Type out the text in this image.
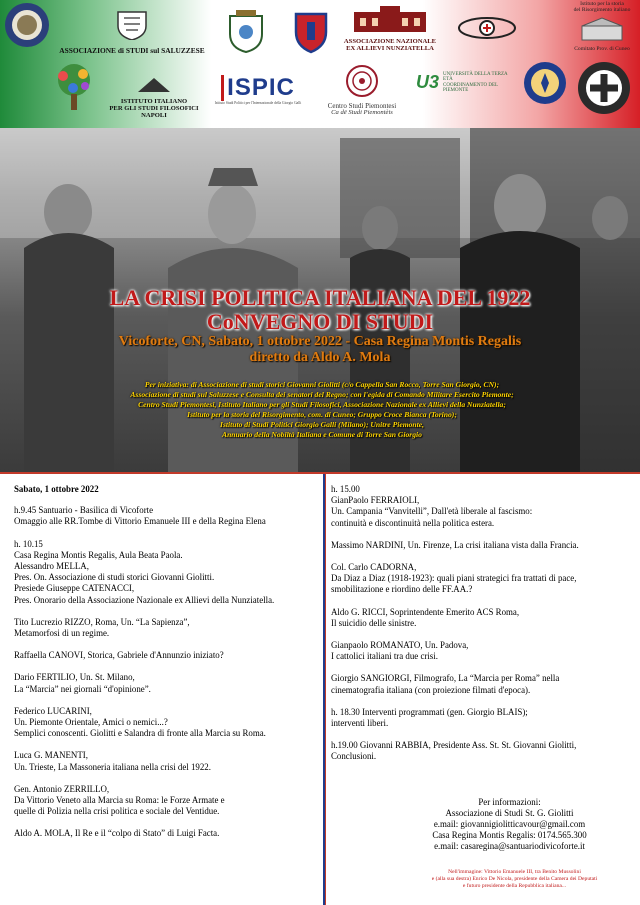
ASSOCIAZIONE di STUDI sul SALUZZESE
ASSOCIAZIONE NAZIONALE
EX ALLIEVI NUNZIATELLA
Istituto per la storia
del Risorgimento italiano
Comitato Prov. di Cuneo
ISTITUTO ITALIANO
PER GLI STUDI FILOSOFICI
NAPOLI
ISPIC
Istituto Studi Politici per l'Internazionale della Giorgio Galli	Centro Studi Piemontesi
Ca dë Studi Piemontèis
U3 UNIVERSITÀ DELLA TERZA ETÀ
COORDINAMENTO DEL PIEMONTE
LA CRISI POLITICA ITALIANA DEL 1922
CoNVEGNO DI STUDI
Vicoforte, CN, Sabato, 1 ottobre 2022 - Casa Regina Montis Regalis
diretto da Aldo A. Mola
Per iniziativa: di Associazione di studi storici Giovanni Giolitti (c/o Cappella San Rocco, Torre San Giorgio, CN);
Associazione di studi sul Saluzzese e Consulta dei senatori del Regno; con l'egida di Comando Militare Esercito Piemonte;
Centro Studi Piemontesi, Istituto Italiano per gli Studi Filosofici, Associazione Nazionale ex Allievi della Nunziatella;
Istituto per la storia del Risorgimento, com. di Cuneo; Gruppo Croce Bianca (Torino);
Istituto di Studi Politici Giorgio Galli (Milano); Unitre Piemonte,
Annuario della Nobiltà Italiana e Comune di Torre San Giorgio
Sabato, 1 ottobre 2022
h.9.45 Santuario - Basilica di Vicoforte
Omaggio alle RR.Tombe di Vittorio Emanuele III e della Regina Elena
h. 10.15
Casa Regina Montis Regalis, Aula Beata Paola.
Alessandro MELLA,
Pres. On. Associazione di studi storici Giovanni Giolitti.
Presiede Giuseppe CATENACCI,
Pres. Onorario della Associazione Nazionale ex Allievi della Nunziatella.
Tito Lucrezio RIZZO, Roma, Un. “La Sapienza”,
Metamorfosi di un regime.
Raffaella CANOVI, Storica, Gabriele d'Annunzio iniziato?
Dario FERTILIO, Un. St. Milano,
La “Marcia” nei giornali “d'opinione”.
Federico LUCARINI,
Un. Piemonte Orientale, Amici o nemici...?
Semplici conoscenti. Giolitti e Salandra di fronte alla Marcia su Roma.
Luca G. MANENTI,
Un. Trieste, La Massoneria italiana nella crisi del 1922.
Gen. Antonio ZERRILLO,
Da Vittorio Veneto alla Marcia su Roma: le Forze Armate e
quelle di Polizia nella crisi politica e sociale del Ventidue.
Aldo A. MOLA, Il Re e il “colpo di Stato” di Luigi Facta.
h. 15.00
GianPaolo FERRAIOLI,
Un. Campania “Vanvitelli”, Dall'età liberale al fascismo:
continuità e discontinuità nella politica estera.
Massimo NARDINI, Un. Firenze, La crisi italiana vista dalla Francia.
Col. Carlo CADORNA,
Da Diaz a Diaz (1918-1923): quali piani strategici fra trattati di pace,
smobilitazione e riordino delle FF.AA.?
Aldo G. RICCI, Soprintendente Emerito ACS Roma,
Il suicidio delle sinistre.
Gianpaolo ROMANATO, Un. Padova,
I cattolici italiani tra due crisi.
Giorgio SANGIORGI, Filmografo, La “Marcia per Roma” nella
cinematografia italiana (con proiezione filmati d'epoca).
h. 18.30 Interventi programmati (gen. Giorgio BLAIS);
interventi liberi.
h.19.00 Giovanni RABBIA, Presidente Ass. St. St. Giovanni Giolitti,
Conclusioni.
Per informazioni:
Associazione di Studi St. G. Giolitti
e.mail: giovannigiolitticavour@gmail.com
Casa Regina Montis Regalis: 0174.565.300
e.mail: casaregina@santuariodivicoforte.it
Nell'immagine: Vittorio Emanuele III, tra Benito Mussolini
e (alla sua destra) Enrico De Nicola, presidente della Camera dei Deputati
e futuro presidente della Repubblica italiana...
